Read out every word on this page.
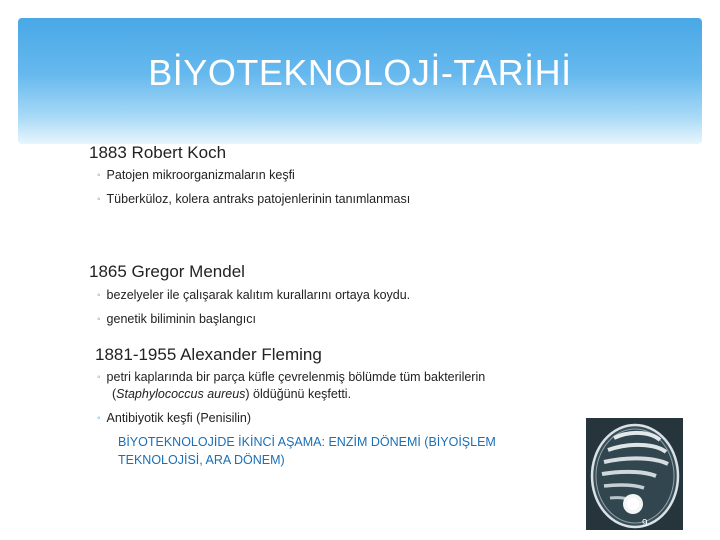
BİYOTEKNOLOJİ-TARİHİ
1883 Robert Koch
◦ Patojen mikroorganizmaların keşfi
◦ Tüberküloz, kolera antraks patojenlerinin tanımlanması
1865 Gregor Mendel
◦ bezelyeler ile çalışarak kalıtım kurallarını ortaya koydu.
◦ genetik biliminin başlangıcı
1881-1955 Alexander Fleming
◦ petri kaplarında bir parça küfle çevrelenmiş bölümde tüm bakterilerin
(Staphylococcus aureus) öldüğünü keşfetti.
◦ Antibiyotik keşfi (Penisilin)
BİYOTEKNOLOJİDE İKİNCİ AŞAMA: ENZİM DÖNEMİ (BİYOİŞLEM
TEKNOLOJİSİ, ARA DÖNEM)
9
